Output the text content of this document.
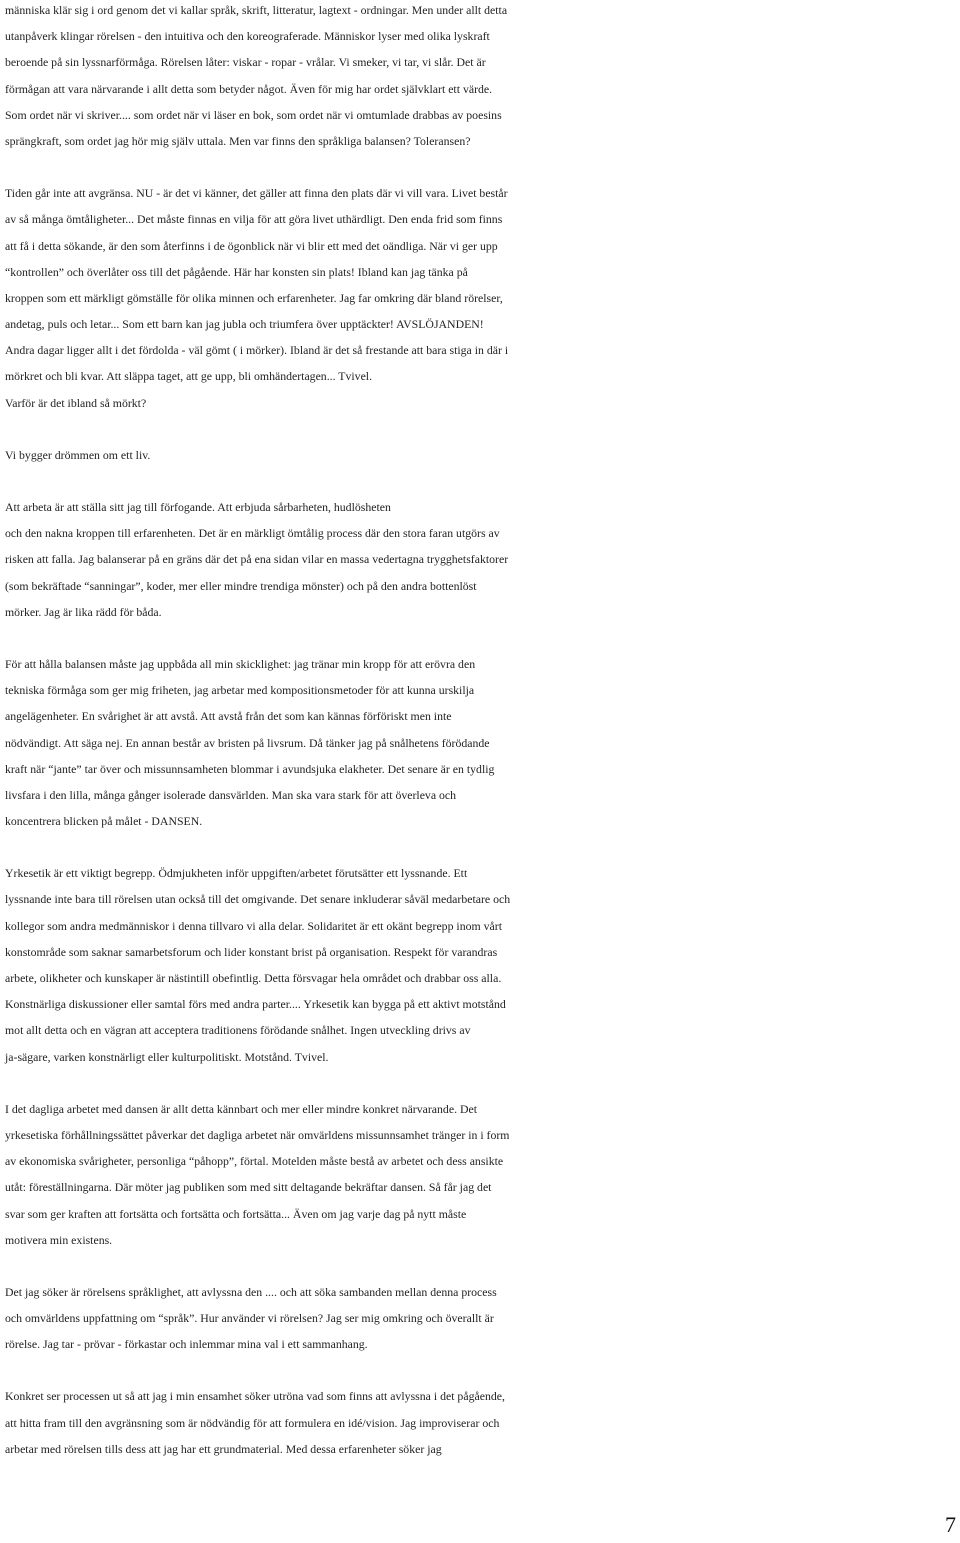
människa klär sig i ord genom det vi kallar språk, skrift, litteratur, lagtext - ordningar. Men under allt detta
utanpåverk klingar rörelsen - den intuitiva och den koreograferade. Människor lyser med olika lyskraft
beroende på sin lyssnarförmåga. Rörelsen låter: viskar - ropar - vrålar. Vi smeker, vi tar, vi slår. Det är
förmågan att vara närvarande i allt detta som betyder något. Även för mig har ordet självklart ett värde.
Som ordet när vi skriver.... som ordet när vi läser en bok, som ordet när vi omtumlade drabbas av poesins
sprängkraft, som ordet jag hör mig själv uttala. Men var finns den språkliga balansen? Toleransen?
Tiden går inte att avgränsa. NU - är det vi känner, det gäller att finna den plats där vi vill vara. Livet består
av så många ömtåligheter... Det måste finnas en vilja för att göra livet uthärdligt. Den enda frid som finns
att få i detta sökande, är den som återfinns i de ögonblick när vi blir ett med det oändliga. När vi ger upp
“kontrollen” och överlåter oss till det pågående. Här har konsten sin plats! Ibland kan jag tänka på
kroppen som ett märkligt gömställe för olika minnen och erfarenheter. Jag far omkring där bland rörelser,
andetag, puls och letar... Som ett barn kan jag jubla och triumfera över upptäckter! AVSLÖJANDEN!
Andra dagar ligger allt i det fördolda - väl gömt ( i mörker). Ibland är det så frestande att bara stiga in där i
mörkret och bli kvar. Att släppa taget, att ge upp, bli omhändertagen... Tvivel.
Varför är det ibland så mörkt?
Vi bygger drömmen om ett liv.
Att arbeta är att ställa sitt jag till förfogande. Att erbjuda sårbarheten, hudlösheten
och den nakna kroppen till erfarenheten. Det är en märkligt ömtålig process där den stora faran utgörs av
risken att falla. Jag balanserar på en gräns där det på ena sidan vilar en massa vedertagna trygghetsfaktorer
(som bekräftade “sanningar”, koder, mer eller mindre trendiga mönster) och på den andra bottenlöst
mörker. Jag är lika rädd för båda.
För att hålla balansen måste jag uppbåda all min skicklighet: jag tränar min kropp för att erövra den
tekniska förmåga som ger mig friheten, jag arbetar med kompositionsmetoder för att kunna urskilja
angelägenheter. En svårighet är att avstå. Att avstå från det som kan kännas förföriskt men inte
nödvändigt. Att säga nej. En annan består av bristen på livsrum. Då tänker jag på snålhetens förödande
kraft när “jante” tar över och missunnsamheten blommar i avundsjuka elakheter. Det senare är en tydlig
livsfara i den lilla, många gånger isolerade dansvärlden. Man ska vara stark för att överleva och
koncentrera blicken på målet - DANSEN.
Yrkesetik är ett viktigt begrepp. Ödmjukheten inför uppgiften/arbetet förutsätter ett lyssnande. Ett
lyssnande inte bara till rörelsen utan också till det omgivande. Det senare inkluderar såväl medarbetare och
kollegor som andra medmänniskor i denna tillvaro vi alla delar. Solidaritet är ett okänt begrepp inom vårt
konstområde som saknar samarbetsforum och lider konstant brist på organisation. Respekt för varandras
arbete, olikheter och kunskaper är nästintill obefintlig. Detta försvagar hela området och drabbar oss alla.
Konstnärliga diskussioner eller samtal förs med andra parter.... Yrkesetik kan bygga på ett aktivt motstånd
mot allt detta och en vägran att acceptera traditionens förödande snålhet. Ingen utveckling drivs av
ja-sägare, varken konstnärligt eller kulturpolitiskt. Motstånd. Tvivel.
I det dagliga arbetet med dansen är allt detta kännbart och mer eller mindre konkret närvarande. Det
yrkesetiska förhållningssättet påverkar det dagliga arbetet när omvärldens missunnsamhet tränger in i form
av ekonomiska svårigheter, personliga “påhopp”, förtal. Motelden måste bestå av arbetet och dess ansikte
utåt: föreställningarna. Där möter jag publiken som med sitt deltagande bekräftar dansen. Så får jag det
svar som ger kraften att fortsätta och fortsätta och fortsätta... Även om jag varje dag på nytt måste
motivera min existens.
Det jag söker är rörelsens språklighet, att avlyssna den .... och att söka sambanden mellan denna process
och omvärldens uppfattning om “språk”. Hur använder vi rörelsen? Jag ser mig omkring och överallt är
rörelse. Jag tar - prövar - förkastar och inlemmar mina val i ett sammanhang.
Konkret ser processen ut så att jag i min ensamhet söker utröna vad som finns att avlyssna i det pågående,
att hitta fram till den avgränsning som är nödvändig för att formulera en idé/vision. Jag improviserar och
arbetar med rörelsen tills dess att jag har ett grundmaterial. Med dessa erfarenheter söker jag
7
